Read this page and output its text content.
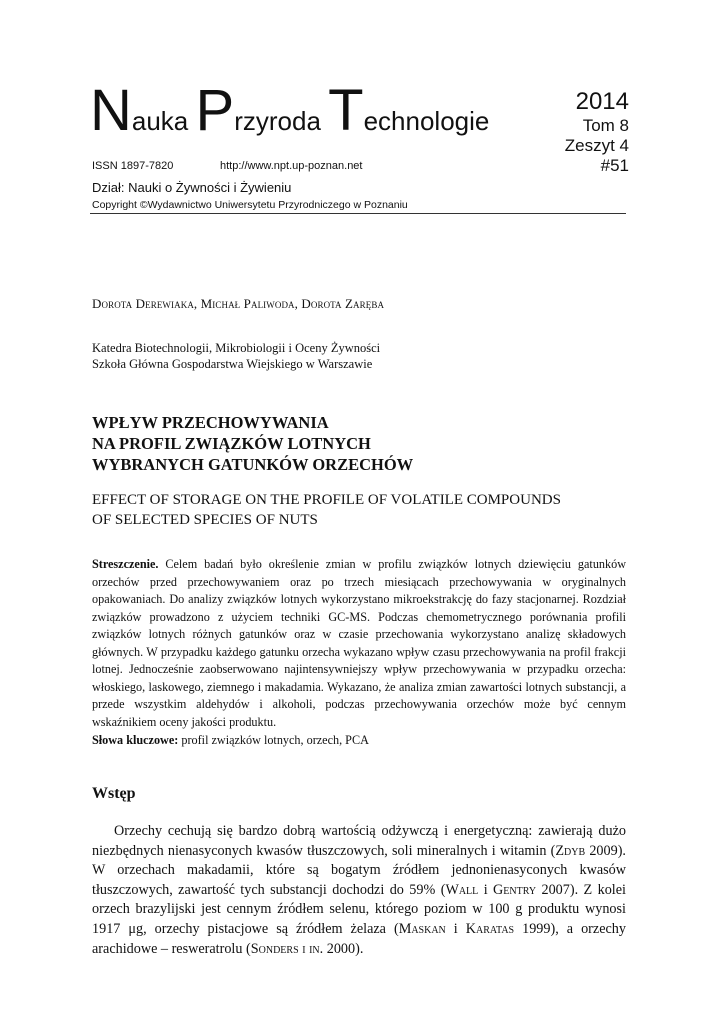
Nauka Przyroda Technologie
2014
Tom 8
Zeszyt 4
#51
ISSN 1897-7820	http://www.npt.up-poznan.net
Dział: Nauki o Żywności i Żywieniu
Copyright ©Wydawnictwo Uniwersytetu Przyrodniczego w Poznaniu
Dorota Derewiaka, Michał Paliwoda, Dorota Zaręba
Katedra Biotechnologii, Mikrobiologii i Oceny Żywności
Szkoła Główna Gospodarstwa Wiejskiego w Warszawie
WPŁYW PRZECHOWYWANIA
NA PROFIL ZWIĄZKÓW LOTNYCH
WYBRANYCH GATUNKÓW ORZECHÓW
EFFECT OF STORAGE ON THE PROFILE OF VOLATILE COMPOUNDS
OF SELECTED SPECIES OF NUTS
Streszczenie. Celem badań było określenie zmian w profilu związków lotnych dziewięciu gatunków orzechów przed przechowywaniem oraz po trzech miesiącach przechowywania w oryginalnych opakowaniach. Do analizy związków lotnych wykorzystano mikroekstrakcję do fazy stacjonarnej. Rozdział związków prowadzono z użyciem techniki GC-MS. Podczas chemometrycznego porównania profili związków lotnych różnych gatunków oraz w czasie przechowania wykorzystano analizę składowych głównych. W przypadku każdego gatunku orzecha wykazano wpływ czasu przechowywania na profil frakcji lotnej. Jednocześnie zaobserwowano najintensywniejszy wpływ przechowywania w przypadku orzecha: włoskiego, laskowego, ziemnego i makadamia. Wykazano, że analiza zmian zawartości lotnych substancji, a przede wszystkim aldehydów i alkoholi, podczas przechowywania orzechów może być cennym wskaźnikiem oceny jakości produktu.
Słowa kluczowe: profil związków lotnych, orzech, PCA
Wstęp
Orzechy cechują się bardzo dobrą wartością odżywczą i energetyczną: zawierają dużo niezbędnych nienasyconych kwasów tłuszczowych, soli mineralnych i witamin (Zdyb 2009). W orzechach makadamii, które są bogatym źródłem jednonienasyconych kwasów tłuszczowych, zawartość tych substancji dochodzi do 59% (Wall i Gentry 2007). Z kolei orzech brazylijski jest cennym źródłem selenu, którego poziom w 100 g produktu wynosi 1917 μg, orzechy pistacjowe są źródłem żelaza (Maskan i Karatas 1999), a orzechy arachidowe – resweratrolu (Sonders i in. 2000).
